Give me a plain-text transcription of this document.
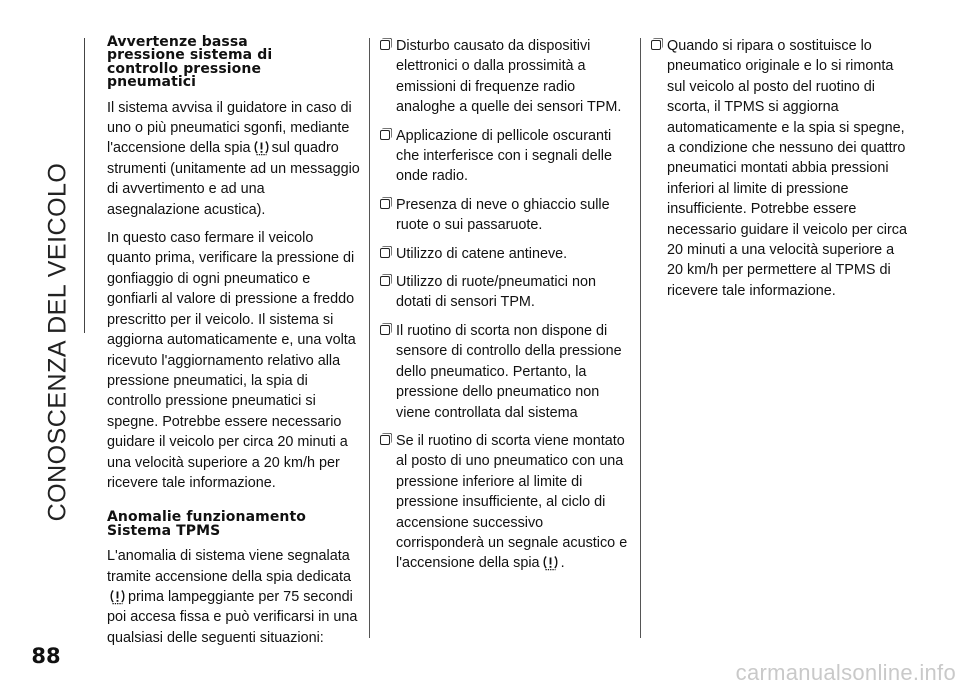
CONOSCENZA DEL VEICOLO
Avvertenze bassa
pressione sistema di
controllo pressione
pneumatici

Il sistema avvisa il guidatore in caso di uno o più pneumatici sgonfi, mediante l'accensione della spia sul quadro strumenti (unitamente ad un messaggio di avvertimento e ad una asegnalazione acustica).

In questo caso fermare il veicolo quanto prima, verificare la pressione di gonfiaggio di ogni pneumatico e gonfiarli al valore di pressione a freddo prescritto per il veicolo. Il sistema si aggiorna automaticamente e, una volta ricevuto l'aggiornamento relativo alla pressione pneumatici, la spia di controllo pressione pneumatici si spegne. Potrebbe essere necessario guidare il veicolo per circa 20 minuti a una velocità superiore a 20 km/h per ricevere tale informazione.

Anomalie funzionamento
Sistema TPMS

L'anomalia di sistema viene segnalata tramite accensione della spia dedicata
prima lampeggiante per 75 secondi poi accesa fissa e può verificarsi in una qualsiasi delle seguenti situazioni:

Disturbo causato da dispositivi elettronici o dalla prossimità a emissioni di frequenze radio analoghe a quelle dei sensori TPM.
Applicazione di pellicole oscuranti che interferisce con i segnali delle onde radio.
Presenza di neve o ghiaccio sulle ruote o sui passaruote.
Utilizzo di catene antineve.
Utilizzo di ruote/pneumatici non dotati di sensori TPM.
Il ruotino di scorta non dispone di sensore di controllo della pressione dello pneumatico. Pertanto, la pressione dello pneumatico non viene controllata dal sistema
Se il ruotino di scorta viene montato al posto di uno pneumatico con una pressione inferiore al limite di pressione insufficiente, al ciclo di accensione successivo corrisponderà un segnale acustico e l'accensione della spia .
Quando si ripara o sostituisce lo pneumatico originale e lo si rimonta sul veicolo al posto del ruotino di scorta, il TPMS si aggiorna automaticamente e la spia si spegne, a condizione che nessuno dei quattro pneumatici montati abbia pressioni inferiori al limite di pressione insufficiente. Potrebbe essere necessario guidare il veicolo per circa 20 minuti a una velocità superiore a 20 km/h per permettere al TPMS di ricevere tale informazione.
88
carmanualsonline.info
